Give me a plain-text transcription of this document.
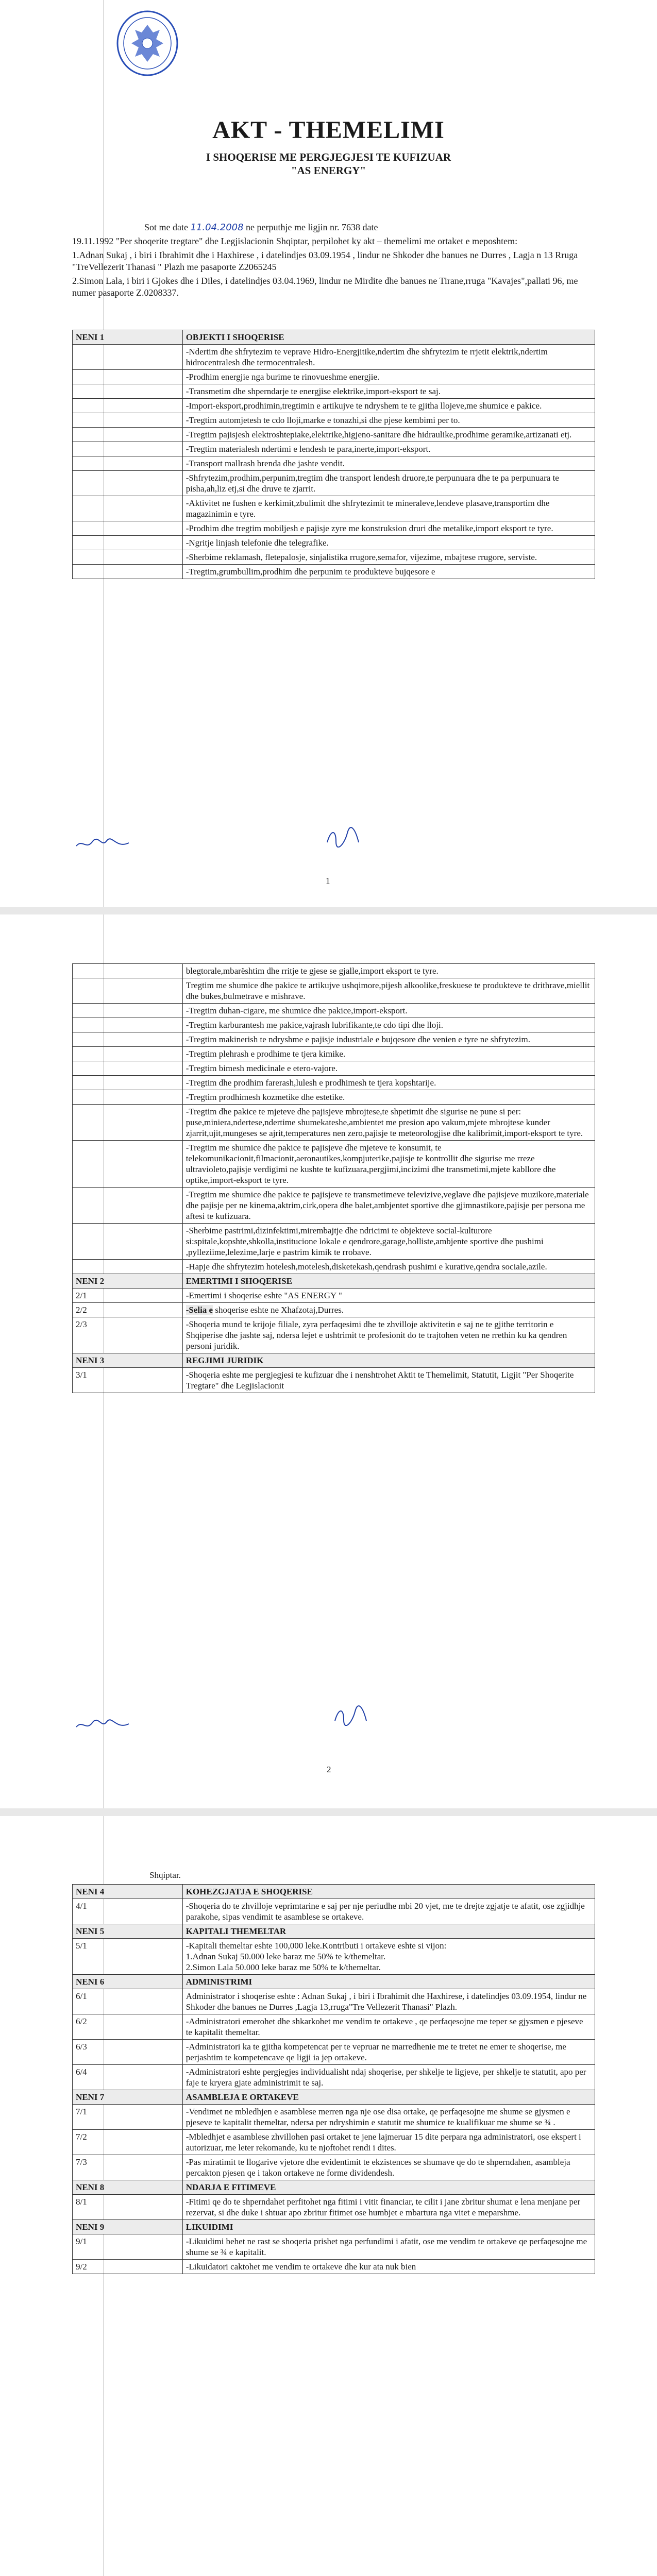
AKT - THEMELIMI
I SHOQERISE ME PERGJEGJESI TE KUFIZUAR
"AS ENERGY"

Sot me date 11.04.2008 ne perputhje me ligjin nr. 7638 date

19.11.1992 "Per shoqerite tregtare" dhe Legjislacionin Shqiptar, perpilohet ky akt – themelimi me ortaket e meposhtem:

1.Adnan Sukaj , i biri i Ibrahimit dhe i Haxhirese , i datelindjes 03.09.1954 , lindur ne Shkoder dhe banues ne Durres , Lagja n 13 Rruga "TreVellezerit Thanasi " Plazh me pasaporte Z2065245

2.Simon Lala, i biri i Gjokes dhe i Diles, i datelindjes 03.04.1969, lindur ne Mirdite dhe banues ne Tirane,rruga "Kavajes",pallati 96, me numer pasaporte Z.0208337.

NENI 1	OBJEKTI I SHOQERISE
	-Ndertim dhe shfrytezim te veprave Hidro-Energjitike,ndertim dhe shfrytezim te rrjetit elektrik,ndertim hidrocentralesh dhe termocentralesh.
	-Prodhim energjie nga burime te rinovueshme energjie.
	-Transmetim dhe shperndarje te energjise elektrike,import-eksport te saj.
	-Import-eksport,prodhimin,tregtimin e artikujve te ndryshem te te gjitha llojeve,me shumice e pakice.
	-Tregtim automjetesh te cdo lloji,marke e tonazhi,si dhe pjese kembimi per to.
	-Tregtim pajisjesh elektroshtepiake,elektrike,higjeno-sanitare dhe hidraulike,prodhime geramike,artizanati etj.
	-Tregtim materialesh ndertimi e lendesh te para,inerte,import-eksport.
	-Transport mallrash brenda dhe jashte vendit.
	-Shfrytezim,prodhim,perpunim,tregtim dhe transport lendesh druore,te perpunuara dhe te pa perpunuara te pisha,ah,liz etj,si dhe druve te zjarrit.
	-Aktivitet ne fushen e kerkimit,zbulimit dhe shfrytezimit te mineraleve,lendeve plasave,transportim dhe magazinimin e tyre.
	-Prodhim dhe tregtim mobiljesh e pajisje zyre me konstruksion druri dhe metalike,import eksport te tyre.
	-Ngritje linjash telefonie dhe telegrafike.
	-Sherbime reklamash, fletepalosje, sinjalistika rrugore,semafor, vijezime, mbajtese rrugore, serviste.
	-Tregtim,grumbullim,prodhim dhe perpunim te produkteve bujqesore e
1
	blegtorale,mbarështim dhe rritje te gjese se gjalle,import eksport te tyre.
	Tregtim me shumice dhe pakice te artikujve ushqimore,pijesh alkoolike,freskuese te produkteve te drithrave,miellit dhe bukes,bulmetrave e mishrave.
	-Tregtim duhan-cigare, me shumice dhe pakice,import-eksport.
	-Tregtim karburantesh me pakice,vajrash lubrifikante,te cdo tipi dhe lloji.
	-Tregtim makinerish te ndryshme e pajisje industriale e bujqesore dhe venien e tyre ne shfrytezim.
	-Tregtim plehrash e prodhime te tjera kimike.
	-Tregtim bimesh medicinale e etero-vajore.
	-Tregtim dhe prodhim farerash,lulesh e prodhimesh te tjera kopshtarije.
	-Tregtim prodhimesh kozmetike dhe estetike.
	-Tregtim dhe pakice te mjeteve dhe pajisjeve mbrojtese,te shpetimit dhe sigurise ne pune si per: puse,miniera,ndertese,ndertime shumekateshe,ambientet me presion apo vakum,mjete mbrojtese kunder zjarrit,ujit,mungeses se ajrit,temperatures nen zero,pajisje te meteorologjise dhe kalibrimit,import-eksport te tyre.
	-Tregtim me shumice dhe pakice te pajisjeve dhe mjeteve te konsumit, te telekomunikacionit,filmacionit,aeronautikes,kompjuterike,pajisje te kontrollit dhe sigurise me rreze ultravioleto,pajisje verdigimi ne kushte te kufizuara,pergjimi,incizimi dhe transmetimi,mjete kabllore dhe optike,import-eksport te tyre.
	-Tregtim me shumice dhe pakice te pajisjeve te transmetimeve televizive,veglave dhe pajisjeve muzikore,materiale dhe pajisje per ne kinema,aktrim,cirk,opera dhe balet,ambjentet sportive dhe gjimnastikore,pajisje per persona me aftesi te kufizuara.
	-Sherbime pastrimi,dizinfektimi,mirembajtje dhe ndricimi te objekteve social-kulturore si:spitale,kopshte,shkolla,institucione lokale e qendrore,garage,holliste,ambjente sportive dhe pushimi ,pylleziime,lelezime,larje e pastrim kimik te rrobave.
	-Hapje dhe shfrytezim hotelesh,motelesh,disketekash,qendrash pushimi e kurative,qendra sociale,azile.
NENI 2	EMERTIMI I SHOQERISE
2/1	-Emertimi i shoqerise eshte "AS ENERGY "
2/2	-Selia e shoqerise eshte ne Xhafzotaj,Durres.
2/3	-Shoqeria mund te krijoje filiale, zyra perfaqesimi dhe te zhvilloje aktivitetin e saj ne te gjithe territorin e Shqiperise dhe jashte saj, ndersa lejet e ushtrimit te profesionit do te trajtohen veten ne rrethin ku ka qendren personi juridik.
NENI 3	REGJIMI JURIDIK
3/1	-Shoqeria eshte me pergjegjesi te kufizuar dhe i nenshtrohet Aktit te Themelimit, Statutit, Ligjit "Per Shoqerite Tregtare" dhe Legjislacionit
2
Shqiptar.
NENI 4	KOHEZGJATJA E SHOQERISE
4/1	-Shoqeria do te zhvilloje veprimtarine e saj per nje periudhe mbi 20 vjet, me te drejte zgjatje te afatit, ose zgjidhje parakohe, sipas vendimit te asamblese se ortakeve.
NENI 5	KAPITALI THEMELTAR
5/1	-Kapitali themeltar eshte 100,000 leke.Kontributi i ortakeve eshte si vijon:
1.Adnan Sukaj 50.000 leke baraz me 50% te k/themeltar.
2.Simon Lala 50.000 leke baraz me 50% te k/themeltar.

NENI 6	ADMINISTRIMI
6/1	Administrator i shoqerise eshte : Adnan Sukaj , i biri i Ibrahimit dhe Haxhirese, i datelindjes 03.09.1954, lindur ne Shkoder dhe banues ne Durres ,Lagja 13,rruga"Tre Vellezerit Thanasi" Plazh.
6/2	-Administratori emerohet dhe shkarkohet me vendim te ortakeve , qe perfaqesojne me teper se gjysmen e pjeseve te kapitalit themeltar.
6/3	-Administratori ka te gjitha kompetencat per te vepruar ne marredhenie me te tretet ne emer te shoqerise, me perjashtim te kompetencave qe ligji ia jep ortakeve.
6/4	-Administratori eshte pergjegjes individualisht ndaj shoqerise, per shkelje te ligjeve, per shkelje te statutit, apo per faje te kryera gjate administrimit te saj.
NENI 7	ASAMBLEJA E ORTAKEVE
7/1	-Vendimet ne mbledhjen e asamblese merren nga nje ose disa ortake, qe perfaqesojne me shume se gjysmen e pjeseve te kapitalit themeltar, ndersa per ndryshimin e statutit me shumice te kualifikuar me shume se ¾ .
7/2	-Mbledhjet e asamblese zhvillohen pasi ortaket te jene lajmeruar 15 dite perpara nga administratori, ose ekspert i autorizuar, me leter rekomande, ku te njoftohet rendi i dites.
7/3	-Pas miratimit te llogarive vjetore dhe evidentimit te ekzistences se shumave qe do te shperndahen, asambleja percakton pjesen qe i takon ortakeve ne forme dividendesh.
NENI 8	NDARJA E FITIMEVE
8/1	-Fitimi qe do te shperndahet perfitohet nga fitimi i vitit financiar, te cilit i jane zbritur shumat e lena menjane per rezervat, si dhe duke i shtuar apo zbritur fitimet ose humbjet e mbartura nga vitet e meparshme.
NENI 9	LIKUIDIMI
9/1	-Likuidimi behet ne rast se shoqeria prishet nga perfundimi i afatit, ose me vendim te ortakeve qe perfaqesojne me shume se ¾ e kapitalit.
9/2	-Likuidatori caktohet me vendim te ortakeve dhe kur ata nuk bien
